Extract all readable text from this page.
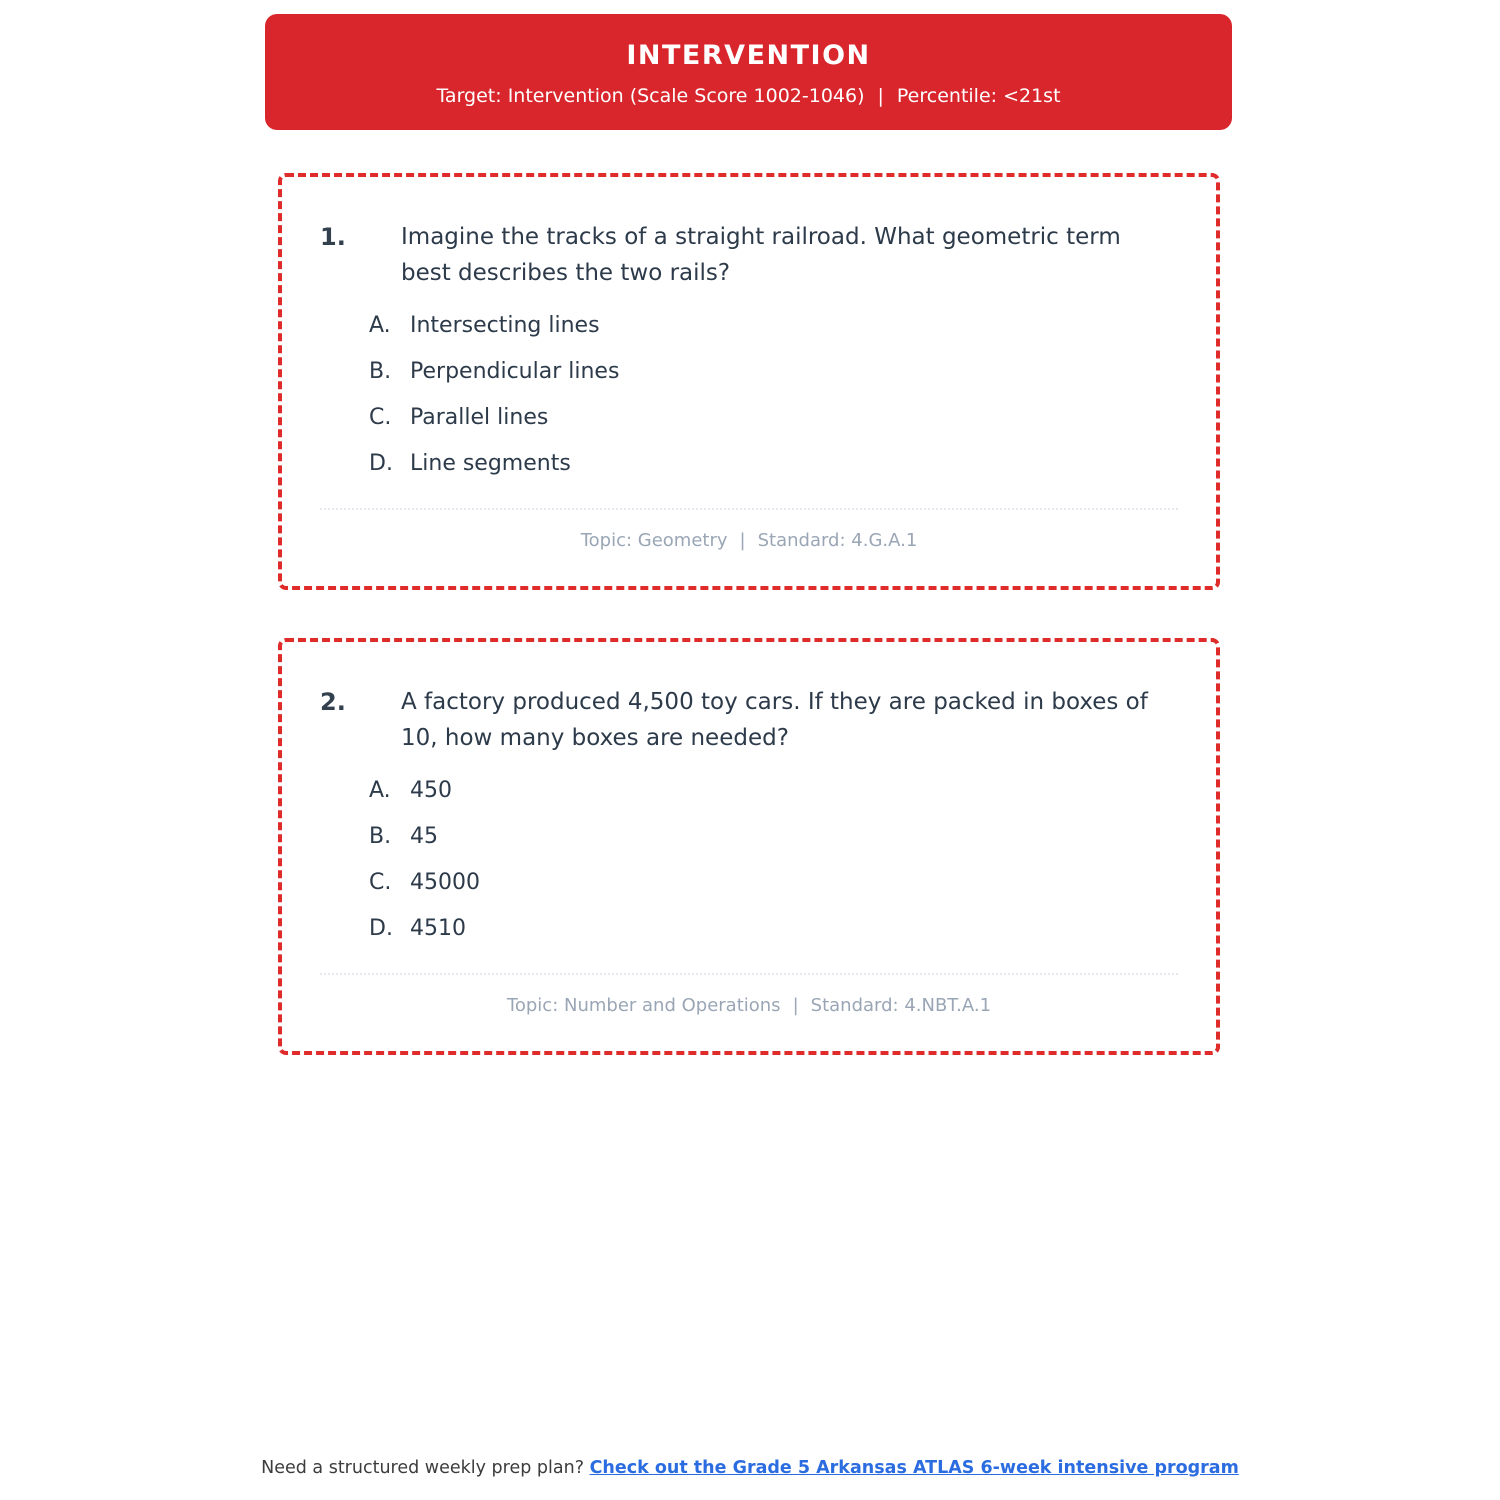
INTERVENTION
Target: Intervention (Scale Score 1002-1046) | Percentile: <21st
1.	Imagine the tracks of a straight railroad. What geometric term
best describes the two rails?
A. Intersecting lines
B. Perpendicular lines
C. Parallel lines
D. Line segments
Topic: Geometry | Standard: 4.G.A.1
2.	A factory produced 4,500 toy cars. If they are packed in boxes of
10, how many boxes are needed?
A. 450
B. 45
C. 45000
D. 4510
Topic: Number and Operations | Standard: 4.NBT.A.1
Need a structured weekly prep plan? Check out the Grade 5 Arkansas ATLAS 6-week intensive program
